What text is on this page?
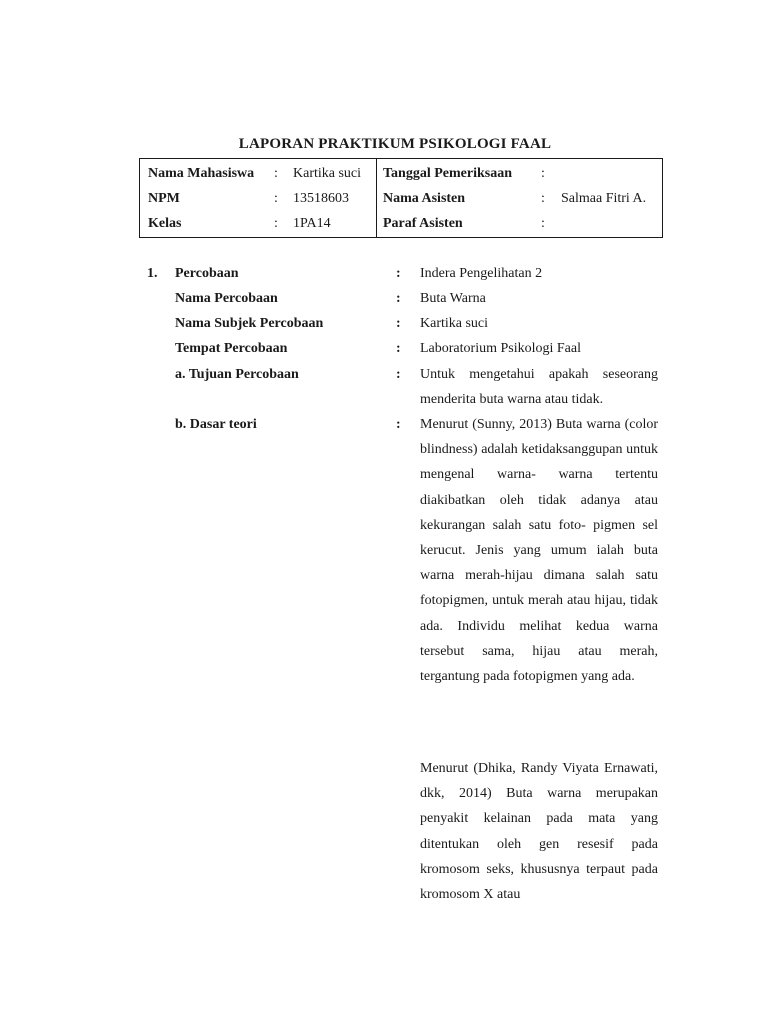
LAPORAN PRAKTIKUM PSIKOLOGI FAAL
Nama Mahasiswa : Kartika suci
NPM	: 13518603
Kelas	: 1PA14
Tanggal Pemeriksaan :
Nama Asisten	: Salmaa Fitri A.
Paraf Asisten	:
1. Percobaan	: Indera Pengelihatan 2
Nama Percobaan	: Buta Warna
Nama Subjek Percobaan	: Kartika suci
Tempat Percobaan	: Laboratorium Psikologi Faal
a. Tujuan Percobaan	: Untuk mengetahui apakah seseorang menderita buta warna atau tidak.

b. Dasar teori	: Menurut (Sunny, 2013) Buta warna (color blindness) adalah ketidaksanggupan untuk mengenal warna- warna tertentu diakibatkan oleh tidak adanya atau kekurangan salah satu foto- pigmen sel kerucut. Jenis yang umum ialah buta warna merah-hijau dimana salah satu fotopigmen, untuk merah atau hijau, tidak ada. Individu melihat kedua warna tersebut sama, hijau atau merah, tergantung pada fotopigmen yang ada.

Menurut (Dhika, Randy Viyata Ernawati, dkk, 2014) Buta warna merupakan penyakit kelainan pada mata yang ditentukan oleh gen resesif pada kromosom seks, khususnya terpaut pada kromosom X atau
